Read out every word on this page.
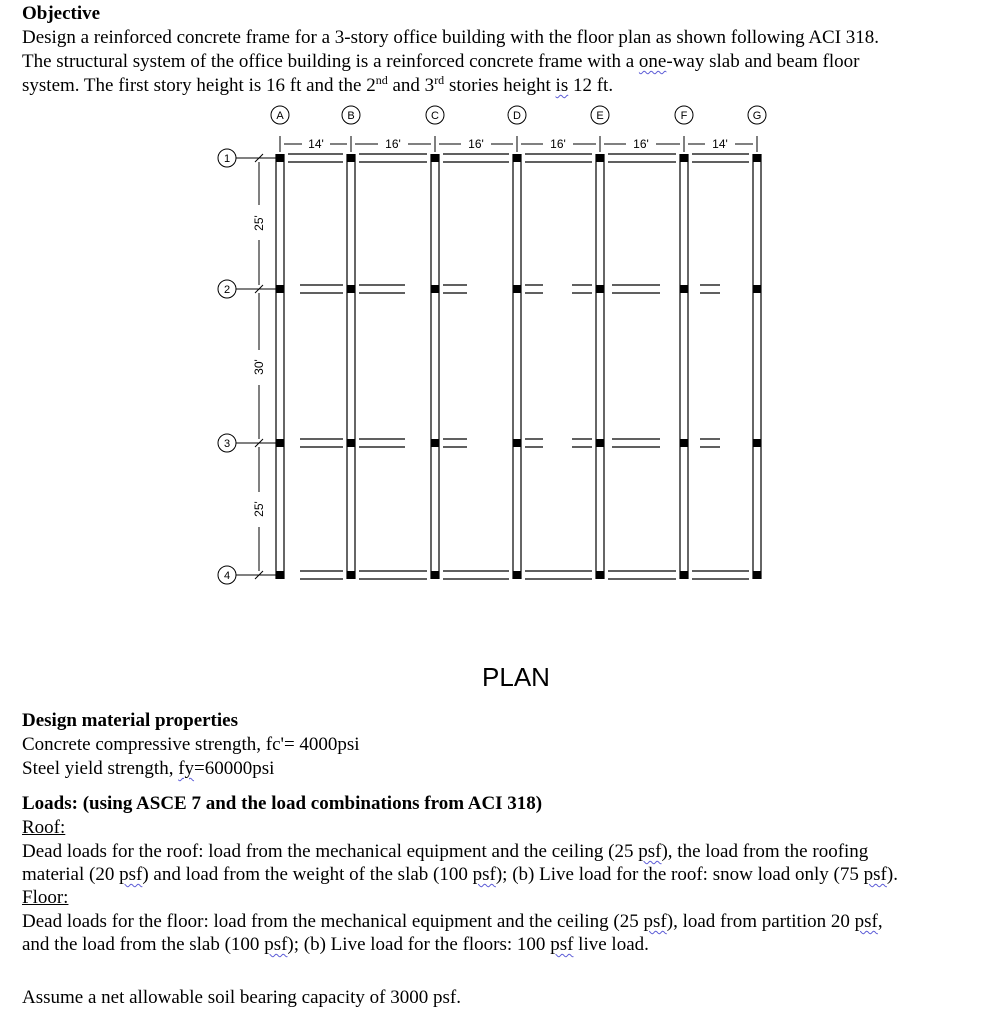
Objective
Design a reinforced concrete frame for a 3-story office building with the floor plan as shown following ACI 318.
The structural system of the office building is a reinforced concrete frame with a one-way slab and beam floor
system. The first story height is 16 ft and the 2nd and 3rd stories height is 12 ft.
A	B	C	D	E	F	G
1
2
3
4
14'	16'	16'	16'	16'	14'
25'
30'
25'
PLAN
Design material properties
Concrete compressive strength, fc'= 4000psi
Steel yield strength, fy=60000psi
Loads: (using ASCE 7 and the load combinations from ACI 318)
Roof:
Dead loads for the roof: load from the mechanical equipment and the ceiling (25 psf), the load from the roofing
material (20 psf) and load from the weight of the slab (100 psf); (b) Live load for the roof: snow load only (75 psf).
Floor:
Dead loads for the floor: load from the mechanical equipment and the ceiling (25 psf), load from partition 20 psf,
and the load from the slab (100 psf); (b) Live load for the floors: 100 psf live load.
Assume a net allowable soil bearing capacity of 3000 psf.
